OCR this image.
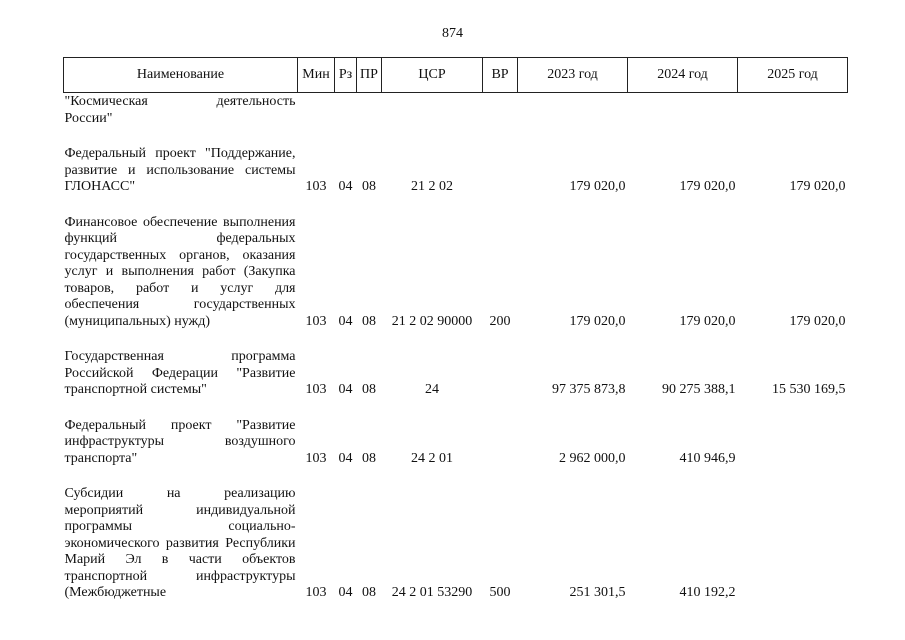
874
Наименование	Мин	Рз	ПР	ЦСР	ВР	2023 год	2024 год	2025 год

"Космическая деятельность
России"								

Федеральный проект "Поддержание, развитие и использование системы ГЛОНАСС"	103	04	08	21 2 02		179 020,0	179 020,0	179 020,0
Финансовое обеспечение выполнения функций федеральных государственных органов, оказания услуг и выполнения работ (Закупка товаров, работ и услуг для обеспечения государственных (муниципальных) нужд)	103	04	08	21 2 02 90000	200	179 020,0	179 020,0	179 020,0
Государственная программа Российской Федерации "Развитие транспортной системы"	103	04	08	24		97 375 873,8	90 275 388,1	15 530 169,5
Федеральный проект "Развитие инфраструктуры воздушного транспорта"	103	04	08	24 2 01		2 962 000,0	410 946,9	
Субсидии на реализацию мероприятий индивидуальной программы социально-экономического развития Республики Марий Эл в части объектов транспортной инфраструктуры (Межбюджетные	103	04	08	24 2 01 53290	500	251 301,5	410 192,2	
